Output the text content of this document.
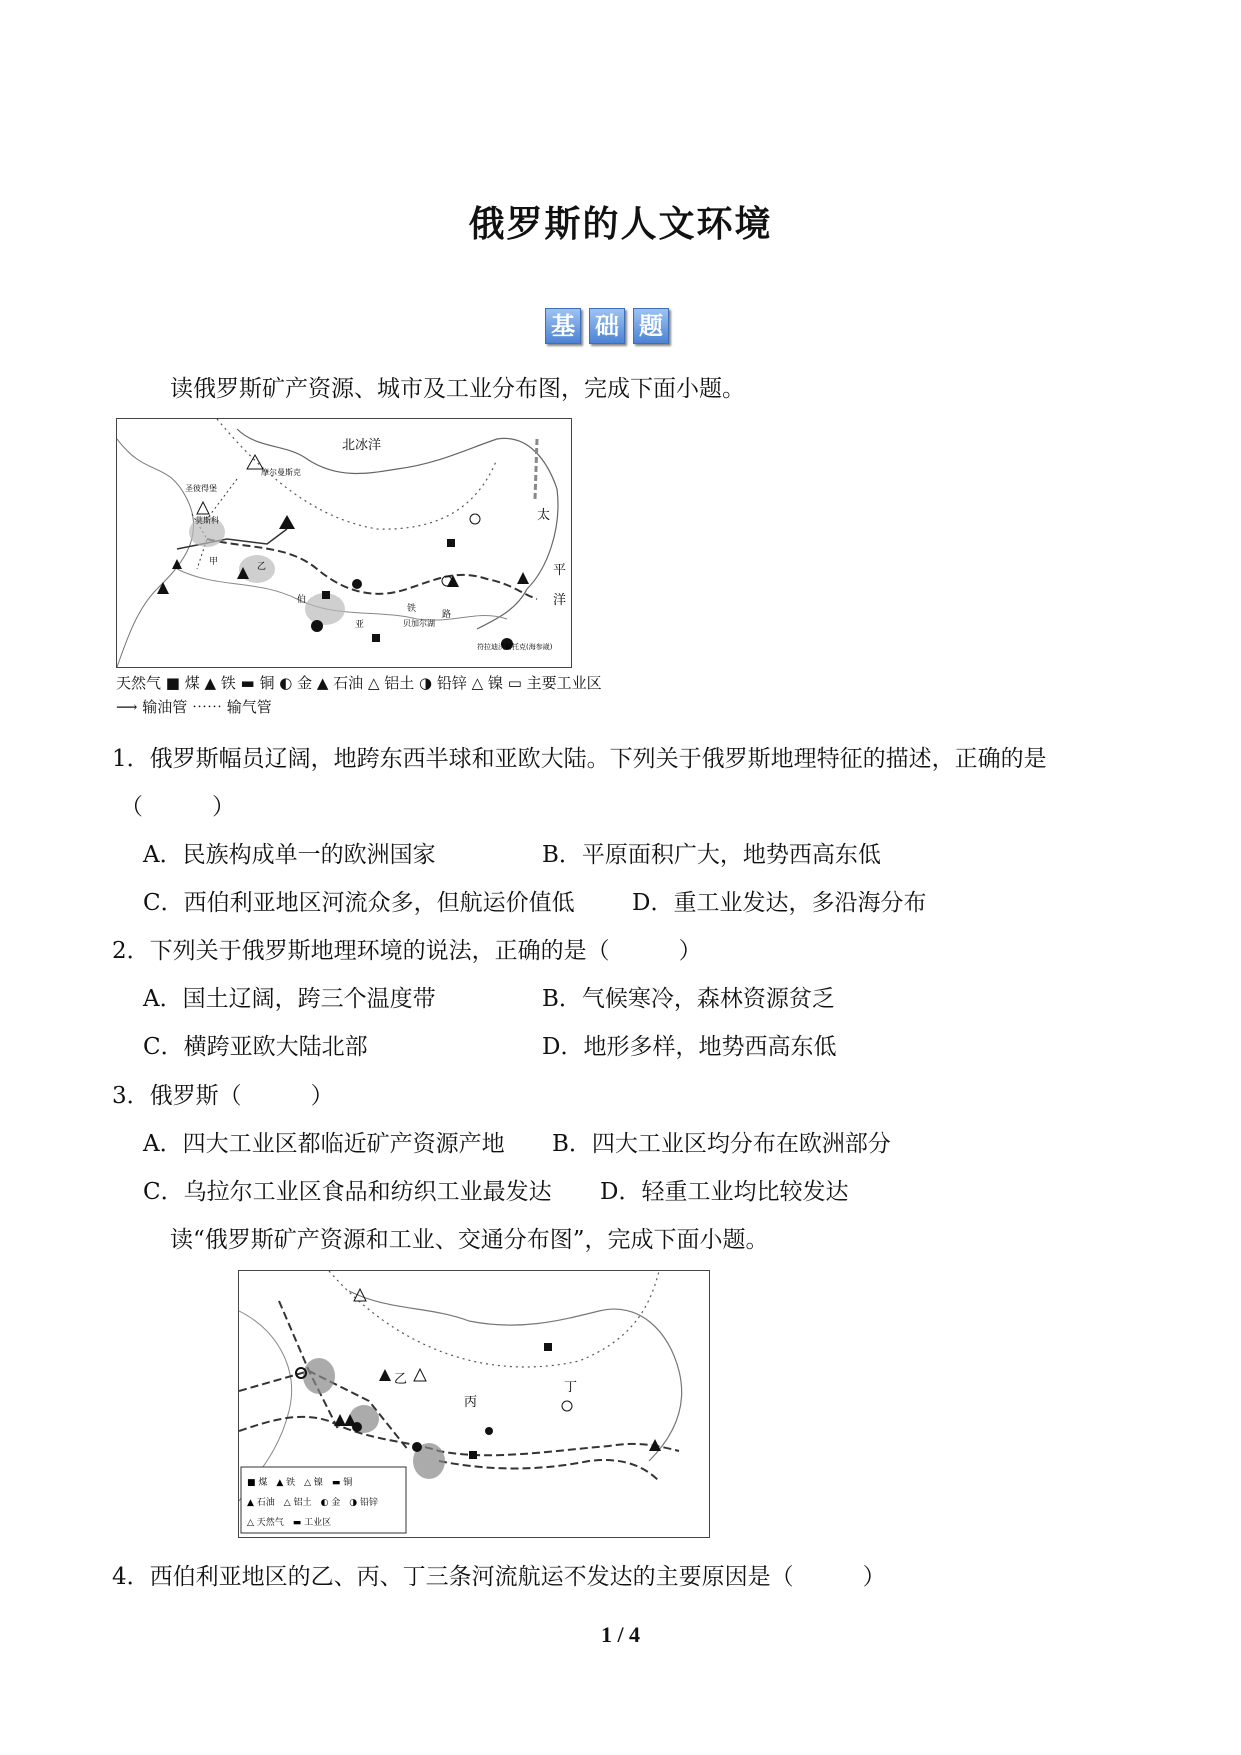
俄罗斯的人文环境
基 础 题
读俄罗斯矿产资源、城市及工业分布图，完成下面小题。
北冰洋
摩尔曼斯克
圣彼得堡
莫斯科
甲	乙
伯
亚
铁
贝加尔湖
路
太
平
洋
符拉迪沃斯托克(海参崴)
天然气 ■ 煤 ▲ 铁 ▬ 铜 ◐ 金 ▲ 石油 △ 铝土 ◑ 铅锌 △ 镍 ▭ 主要工业区
⟶ 输油管 ⋯⋯ 输气管
1．俄罗斯幅员辽阔，地跨东西半球和亚欧大陆。下列关于俄罗斯地理特征的描述，正确的是
（　　　）
A．民族构成单一的欧洲国家	B．平原面积广大，地势西高东低
C．西伯利亚地区河流众多，但航运价值低 D．重工业发达，多沿海分布
2．下列关于俄罗斯地理环境的说法，正确的是（　　　）
A．国土辽阔，跨三个温度带	B．气候寒冷，森林资源贫乏
C．横跨亚欧大陆北部	D．地形多样，地势西高东低
3．俄罗斯（　　　）
A．四大工业区都临近矿产资源产地 B．四大工业区均分布在欧洲部分
C．乌拉尔工业区食品和纺织工业最发达 D．轻重工业均比较发达
读“俄罗斯矿产资源和工业、交通分布图”，完成下面小题。
乙
丙
丁
■ 煤　▲ 铁　△ 镍　▬ 铜
▲ 石油　△ 铝土　◐ 金　◑ 铅锌
△ 天然气　▬ 工业区
4．西伯利亚地区的乙、丙、丁三条河流航运不发达的主要原因是（　　　）
1 / 4
